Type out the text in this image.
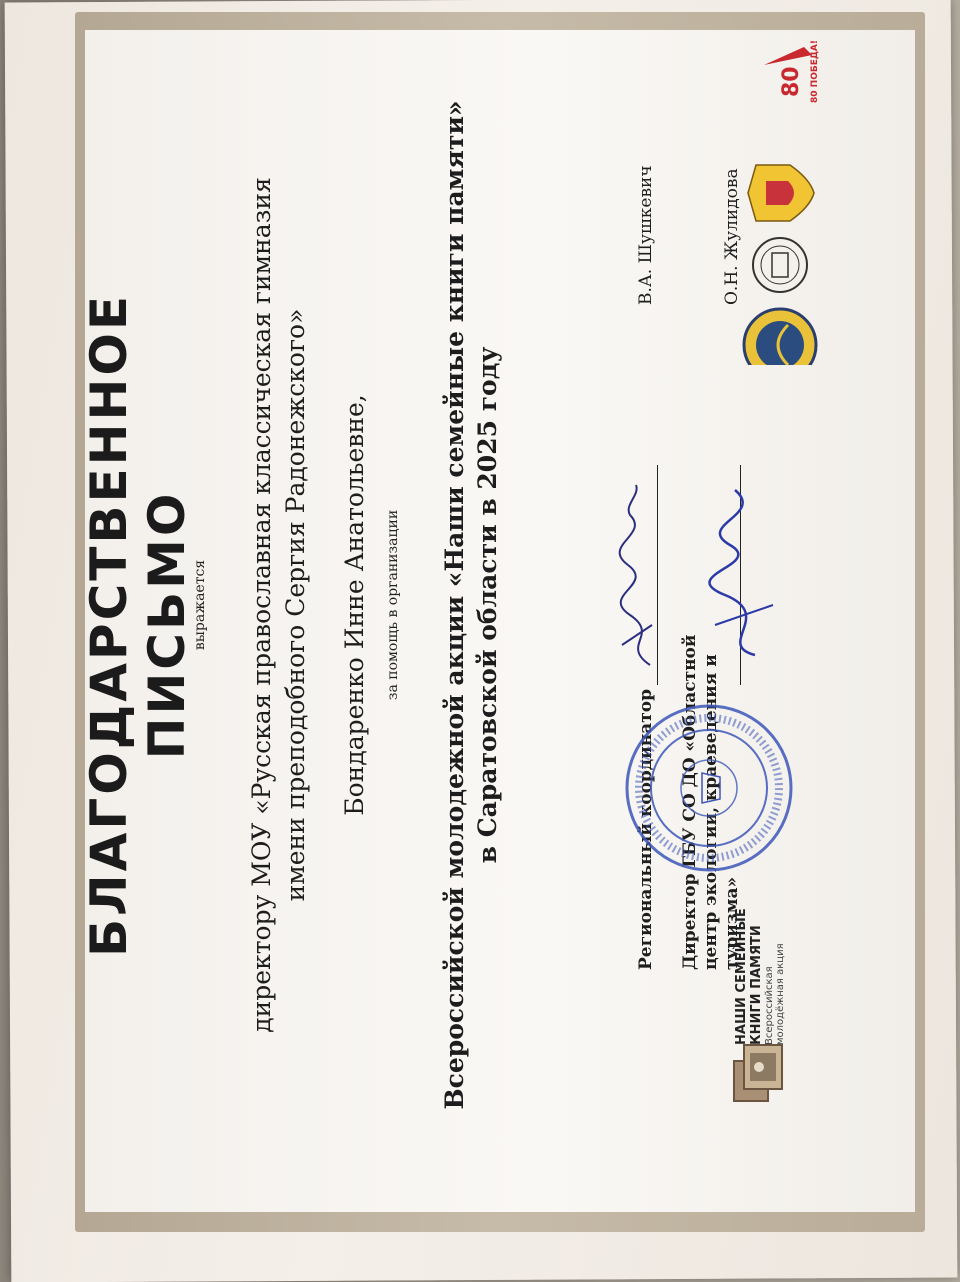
НАШИ СЕМЕЙНЫЕ КНИГИ ПАМЯТИ Всероссийская молодёжная акция
БЛАГОДАРСТВЕННОЕ ПИСЬМО
80 80 ПОБЕДА!
выражается директору МОУ «Русская православная классическая гимназия имени преподобного Сергия Радонежского» Бондаренко Инне Анатольевне, за помощь в организации Всероссийской молодежной акции «Наши семейные книги памяти» в Саратовской области в 2025 году	Региональный координатор
В.А. Шушкевич
Директор ГБУ СО ДО «Областной центр экологии, краеведения и туризма»
О.Н. Жулидова
